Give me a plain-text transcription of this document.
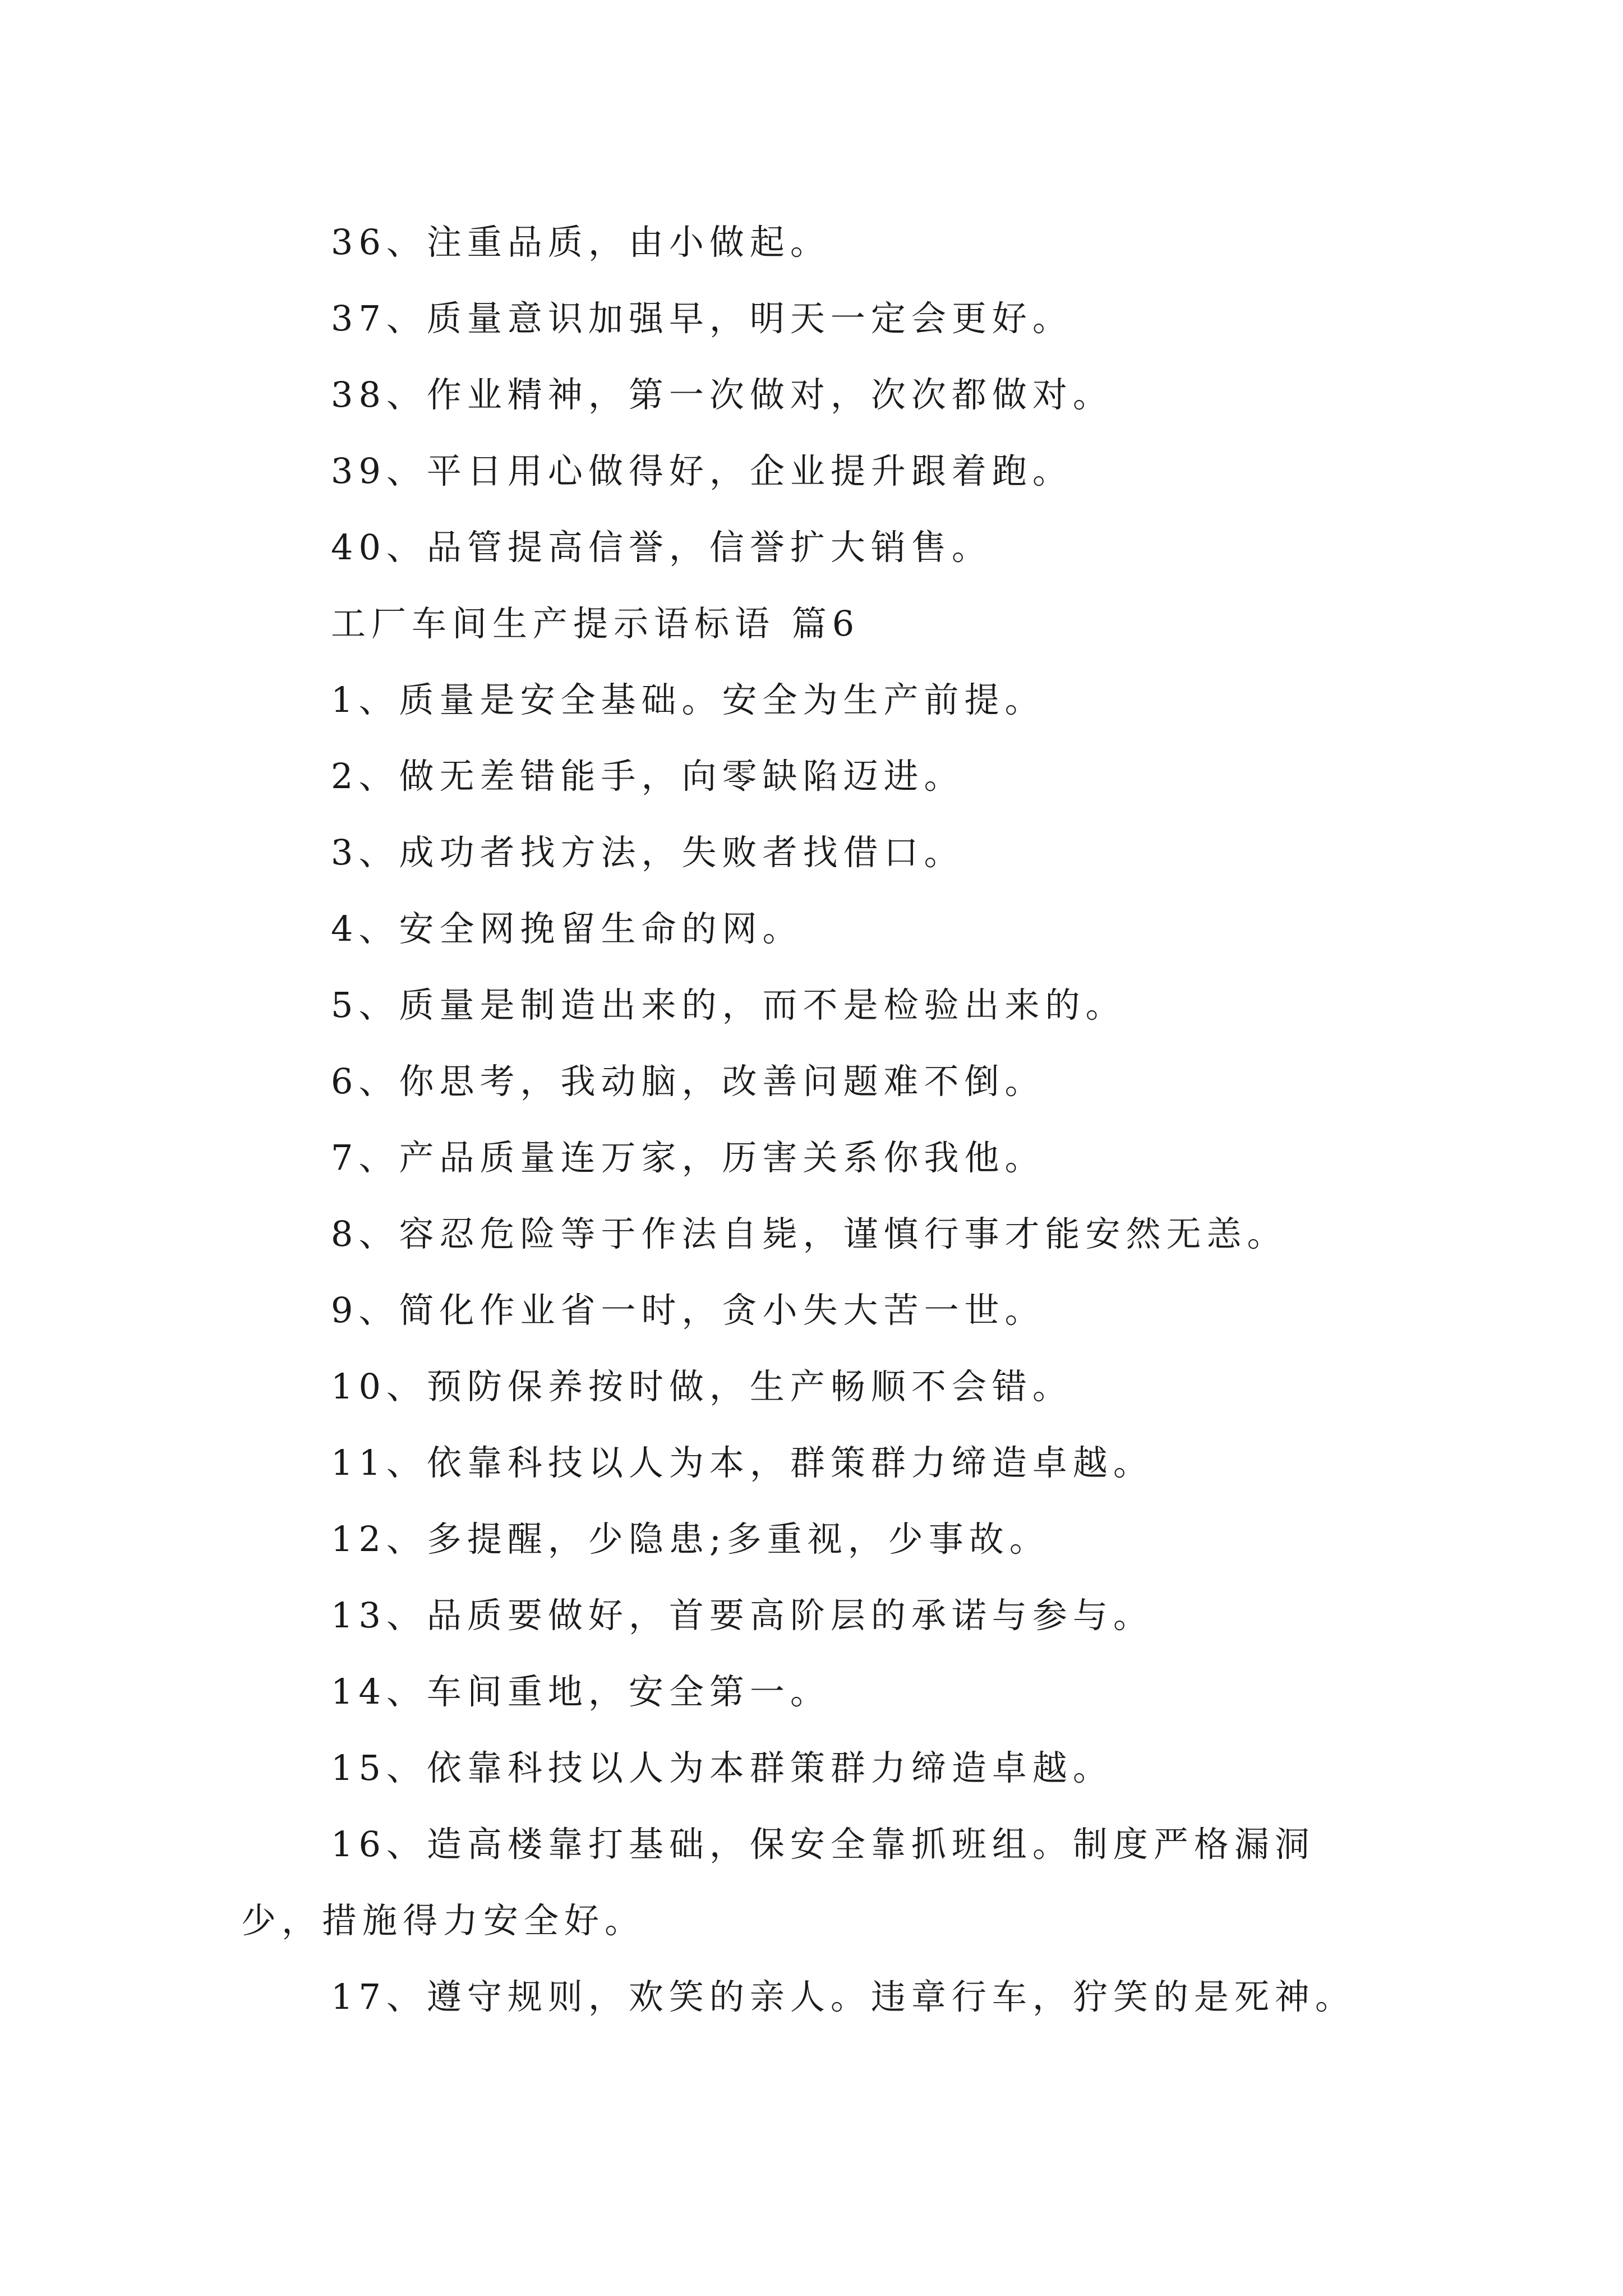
36、注重品质，由小做起。
37、质量意识加强早，明天一定会更好。
38、作业精神，第一次做对，次次都做对。
39、平日用心做得好，企业提升跟着跑。
40、品管提高信誉，信誉扩大销售。
工厂车间生产提示语标语 篇6
1、质量是安全基础。安全为生产前提。
2、做无差错能手，向零缺陷迈进。
3、成功者找方法，失败者找借口。
4、安全网挽留生命的网。
5、质量是制造出来的，而不是检验出来的。
6、你思考，我动脑，改善问题难不倒。
7、产品质量连万家，历害关系你我他。
8、容忍危险等于作法自毙，谨慎行事才能安然无恙。
9、简化作业省一时，贪小失大苦一世。
10、预防保养按时做，生产畅顺不会错。
11、依靠科技以人为本，群策群力缔造卓越。
12、多提醒，少隐患;多重视，少事故。
13、品质要做好，首要高阶层的承诺与参与。
14、车间重地，安全第一。
15、依靠科技以人为本群策群力缔造卓越。
16、造高楼靠打基础，保安全靠抓班组。制度严格漏洞
少，措施得力安全好。
17、遵守规则，欢笑的亲人。违章行车，狞笑的是死神。
